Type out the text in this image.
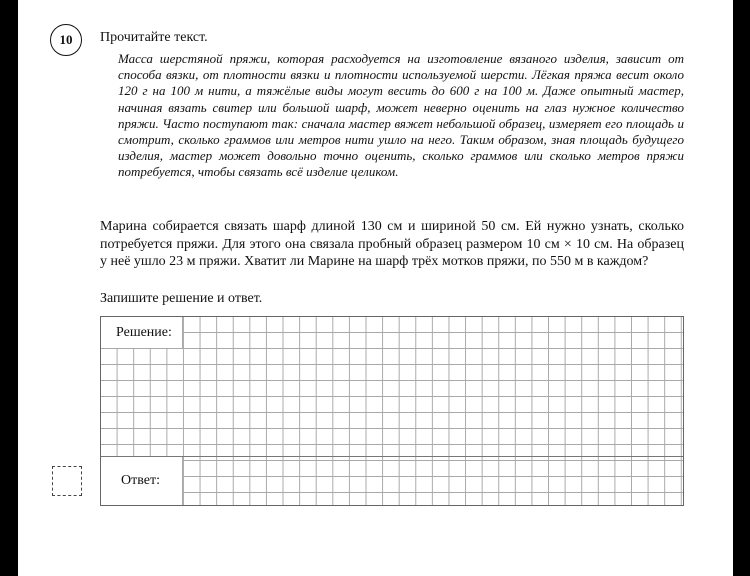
10	Прочитайте текст.
Масса шерстяной пряжи, которая расходуется на изготовление вязаного изделия, зависит от способа вязки, от плотности вязки и плотности используемой шерсти. Лёгкая пряжа весит около 120 г на 100 м нити, а тяжёлые виды могут весить до 600 г на 100 м. Даже опытный мастер, начиная вязать свитер или большой шарф, может неверно оценить на глаз нужное количество пряжи. Часто поступают так: сначала мастер вяжет небольшой образец, измеряет его площадь и смотрит, сколько граммов или метров нити ушло на него. Таким образом, зная площадь будущего изделия, мастер может довольно точно оценить, сколько граммов или сколько метров пряжи потребуется, чтобы связать всё изделие целиком.
Марина собирается связать шарф длиной 130 см и шириной 50 см. Ей нужно узнать, сколько потребуется пряжи. Для этого она связала пробный образец размером 10 см × 10 см. На образец у неё ушло 23 м пряжи. Хватит ли Марине на шарф трёх мотков пряжи, по 550 м в каждом?
Запишите решение и ответ.
Решение:
Ответ:
